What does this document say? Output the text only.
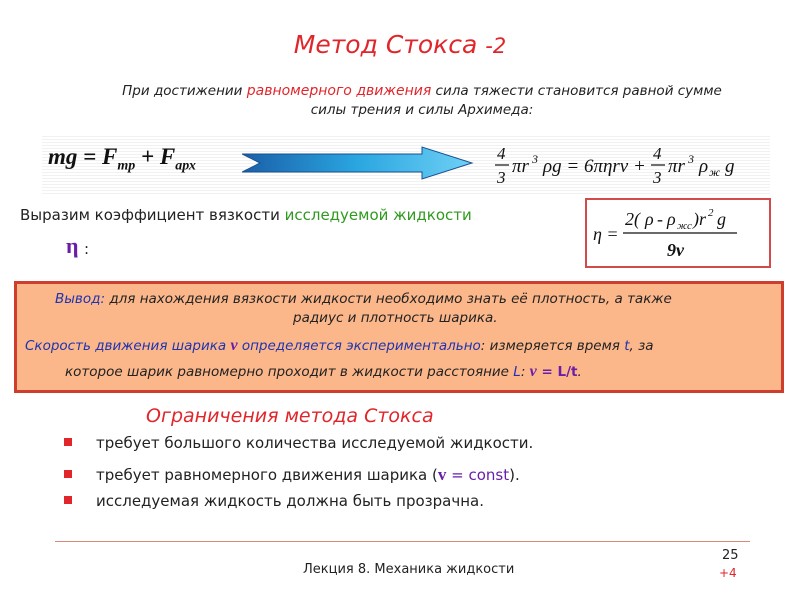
Метод Стокса -2
При достижении равномерного движения сила тяжести становится равной сумме
силы трения и силы Архимеда:
mg = $F_{тр} + F_{арх}$
4
3
πr 3 ρg = 6πηrv +
4
3
πr 3 ρ ж g
Выразим коэффициент вязкости исследуемой жидкости
η :
η =
2( ρ - ρ жс )r 2 g
9v
Вывод: для нахождения вязкости жидкости необходимо знать её плотность, а также
радиус и плотность шарика.
Скорость движения шарика v определяется экспериментально: измеряется время t, за
которое шарик равномерно проходит в жидкости расстояние L: v = L/t.
Ограничения метода Стокса
требует большого количества исследуемой жидкости.
требует равномерного движения шарика (v = const).
исследуемая жидкость должна быть прозрачна.
Лекция 8. Механика жидкости
25
+4
